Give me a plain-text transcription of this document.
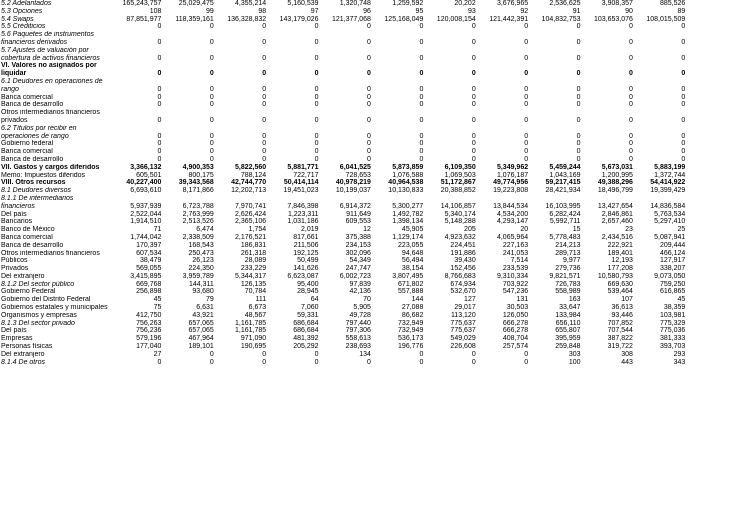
5.2 Adelantados	165,243,757	25,029,475	4,355,214	5,160,539	1,320,748	1,259,592	20,202	3,676,965	2,536,625	3,908,357	885,526
5.3 Opciones	108	99	98	97	96	95	93	92	91	90	89
5.4 Swaps	87,851,977	118,359,161	136,328,832	143,179,026	121,377,068	125,168,049	120,008,154	121,442,391	104,832,753	103,653,076	108,015,509
5.5 Créditicios	0	0	0	0	0	0	0	0	0	0	0
5.6 Paquetes de instrumentos financieros derivados	0	0	0	0	0	0	0	0	0	0	0
5.7 Ajustes de valuación por cobertura de activos financieros	0	0	0	0	0	0	0	0	0	0	0
VI. Valores no asignados por liquidar	0	0	0	0	0	0	0	0	0	0	0
6.1 Deudores en operaciones de rango	0	0	0	0	0	0	0	0	0	0	0
Banca comercial	0	0	0	0	0	0	0	0	0	0	0
Banca de desarrollo	0	0	0	0	0	0	0	0	0	0	0
Otros intermediarios financieros privados	0	0	0	0	0	0	0	0	0	0	0
6.2 Títulos por recibir en operaciones de rango	0	0	0	0	0	0	0	0	0	0	0
Gobierno federal	0	0	0	0	0	0	0	0	0	0	0
Banca comercial	0	0	0	0	0	0	0	0	0	0	0
Banca de desarrollo	0	0	0	0	0	0	0	0	0	0	0
VII. Gastos y cargos diferidos	3,366,132	4,900,353	5,822,560	5,881,771	6,041,525	5,873,859	6,109,350	5,349,962	5,459,244	5,673,031	5,883,199
Memo: Impuestos diferidos	605,501	800,175	788,124	722,717	728,653	1,076,588	1,069,503	1,076,187	1,043,169	1,200,995	1,372,744
VIII. Otros recursos	40,227,400	39,343,568	42,744,770	50,414,114	40,978,219	40,964,538	51,172,867	49,774,956	59,217,415	49,388,296	54,414,922
8.1 Deudores diversos	6,693,610	8,171,866	12,202,713	19,451,023	10,199,037	10,130,833	20,388,852	19,223,808	28,421,934	18,496,799	19,399,429
8.1.1 De intermediarios financieros	5,937,939	6,723,788	7,970,741	7,846,398	6,914,372	5,300,277	14,106,857	13,844,534	16,103,995	13,427,654	14,836,584
Del país	2,522,044	2,763,999	2,626,424	1,223,311	911,649	1,492,782	5,340,174	4,534,200	6,282,424	2,846,861	5,763,534
Bancarios	1,914,510	2,513,526	2,365,106	1,031,186	609,553	1,398,134	5,148,288	4,293,147	5,992,711	2,657,460	5,297,410
Banco de México	71	6,474	1,754	2,019	12	45,905	205	20	15	23	25
Banca comercial	1,744,042	2,338,509	2,176,521	817,661	375,388	1,129,174	4,923,632	4,065,964	5,778,483	2,434,516	5,087,941
Banca de desarrollo	170,397	168,543	186,831	211,506	234,153	223,055	224,451	227,163	214,213	222,921	209,444
Otros intermediarios financieros	607,534	250,473	261,318	192,125	302,096	94,648	191,886	241,053	289,713	189,401	466,124
Públicos	38,479	26,123	28,089	50,499	54,349	56,494	39,430	7,514	9,977	12,193	127,917
Privados	569,055	224,350	233,229	141,626	247,747	38,154	152,456	233,539	279,736	177,208	338,207
Del extranjero	3,415,895	3,959,789	5,344,317	6,623,087	6,002,723	3,807,495	8,766,683	9,310,334	9,821,571	10,580,793	9,073,050
8.1.2 Del sector público	669,768	144,311	126,135	95,400	97,839	671,802	674,934	703,922	726,783	669,630	759,250
Gobierno Federal	256,898	93,680	70,784	28,945	42,136	557,888	532,670	547,236	558,989	539,464	616,865
Gobierno del Distrito Federal	45	79	111	64	70	144	127	131	163	107	45
Gobiernos estatales y municipales	75	6,631	6,673	7,060	5,905	27,088	29,017	30,503	33,647	36,613	38,359
Organismos y empresas	412,750	43,921	48,567	59,331	49,728	86,682	113,120	126,050	133,984	93,446	103,981
8.1.3 Del sector privado	756,263	657,065	1,161,785	686,684	797,440	732,949	775,637	666,278	656,110	707,852	775,329
Del país	756,236	657,065	1,161,785	686,684	797,306	732,949	775,637	666,278	655,807	707,544	775,036
Empresas	579,196	467,964	971,090	481,392	558,613	536,173	549,029	408,704	395,959	387,822	381,333
Personas físicas	177,040	189,101	190,695	205,292	238,693	196,776	226,608	257,574	259,848	319,722	393,703
Del extranjero	27	0	0	0	134	0	0	0	303	308	293
8.1.4 De otros	0	0	0	0	0	0	0	0	100	443	343
